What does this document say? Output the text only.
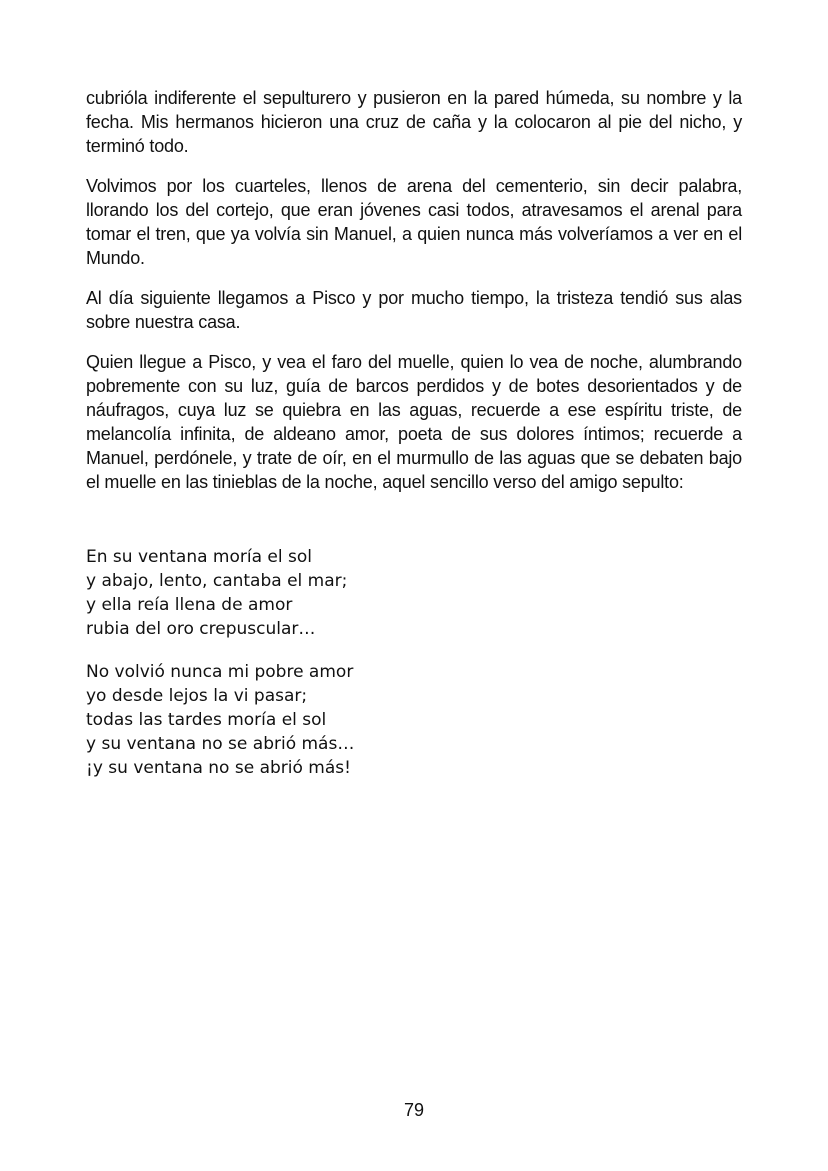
cubrióla indiferente el sepulturero y pusieron en la pared húmeda, su nombre y la fecha. Mis hermanos hicieron una cruz de caña y la colocaron al pie del nicho, y terminó todo.

Volvimos por los cuarteles, llenos de arena del cementerio, sin decir palabra, llorando los del cortejo, que eran jóvenes casi todos, atravesamos el arenal para tomar el tren, que ya volvía sin Manuel, a quien nunca más volveríamos a ver en el Mundo.

Al día siguiente llegamos a Pisco y por mucho tiempo, la tristeza tendió sus alas sobre nuestra casa.

Quien llegue a Pisco, y vea el faro del muelle, quien lo vea de noche, alumbrando pobremente con su luz, guía de barcos perdidos y de botes desorientados y de náufragos, cuya luz se quiebra en las aguas, recuerde a ese espíritu triste, de melancolía infinita, de aldeano amor, poeta de sus dolores íntimos; recuerde a Manuel, perdónele, y trate de oír, en el murmullo de las aguas que se debaten bajo el muelle en las tinieblas de la noche, aquel sencillo verso del amigo sepulto:

En su ventana moría el sol
y abajo, lento, cantaba el mar;
y ella reía llena de amor
rubia del oro crepuscular…
No volvió nunca mi pobre amor
yo desde lejos la vi pasar;
todas las tardes moría el sol
y su ventana no se abrió más…
¡y su ventana no se abrió más!
79
